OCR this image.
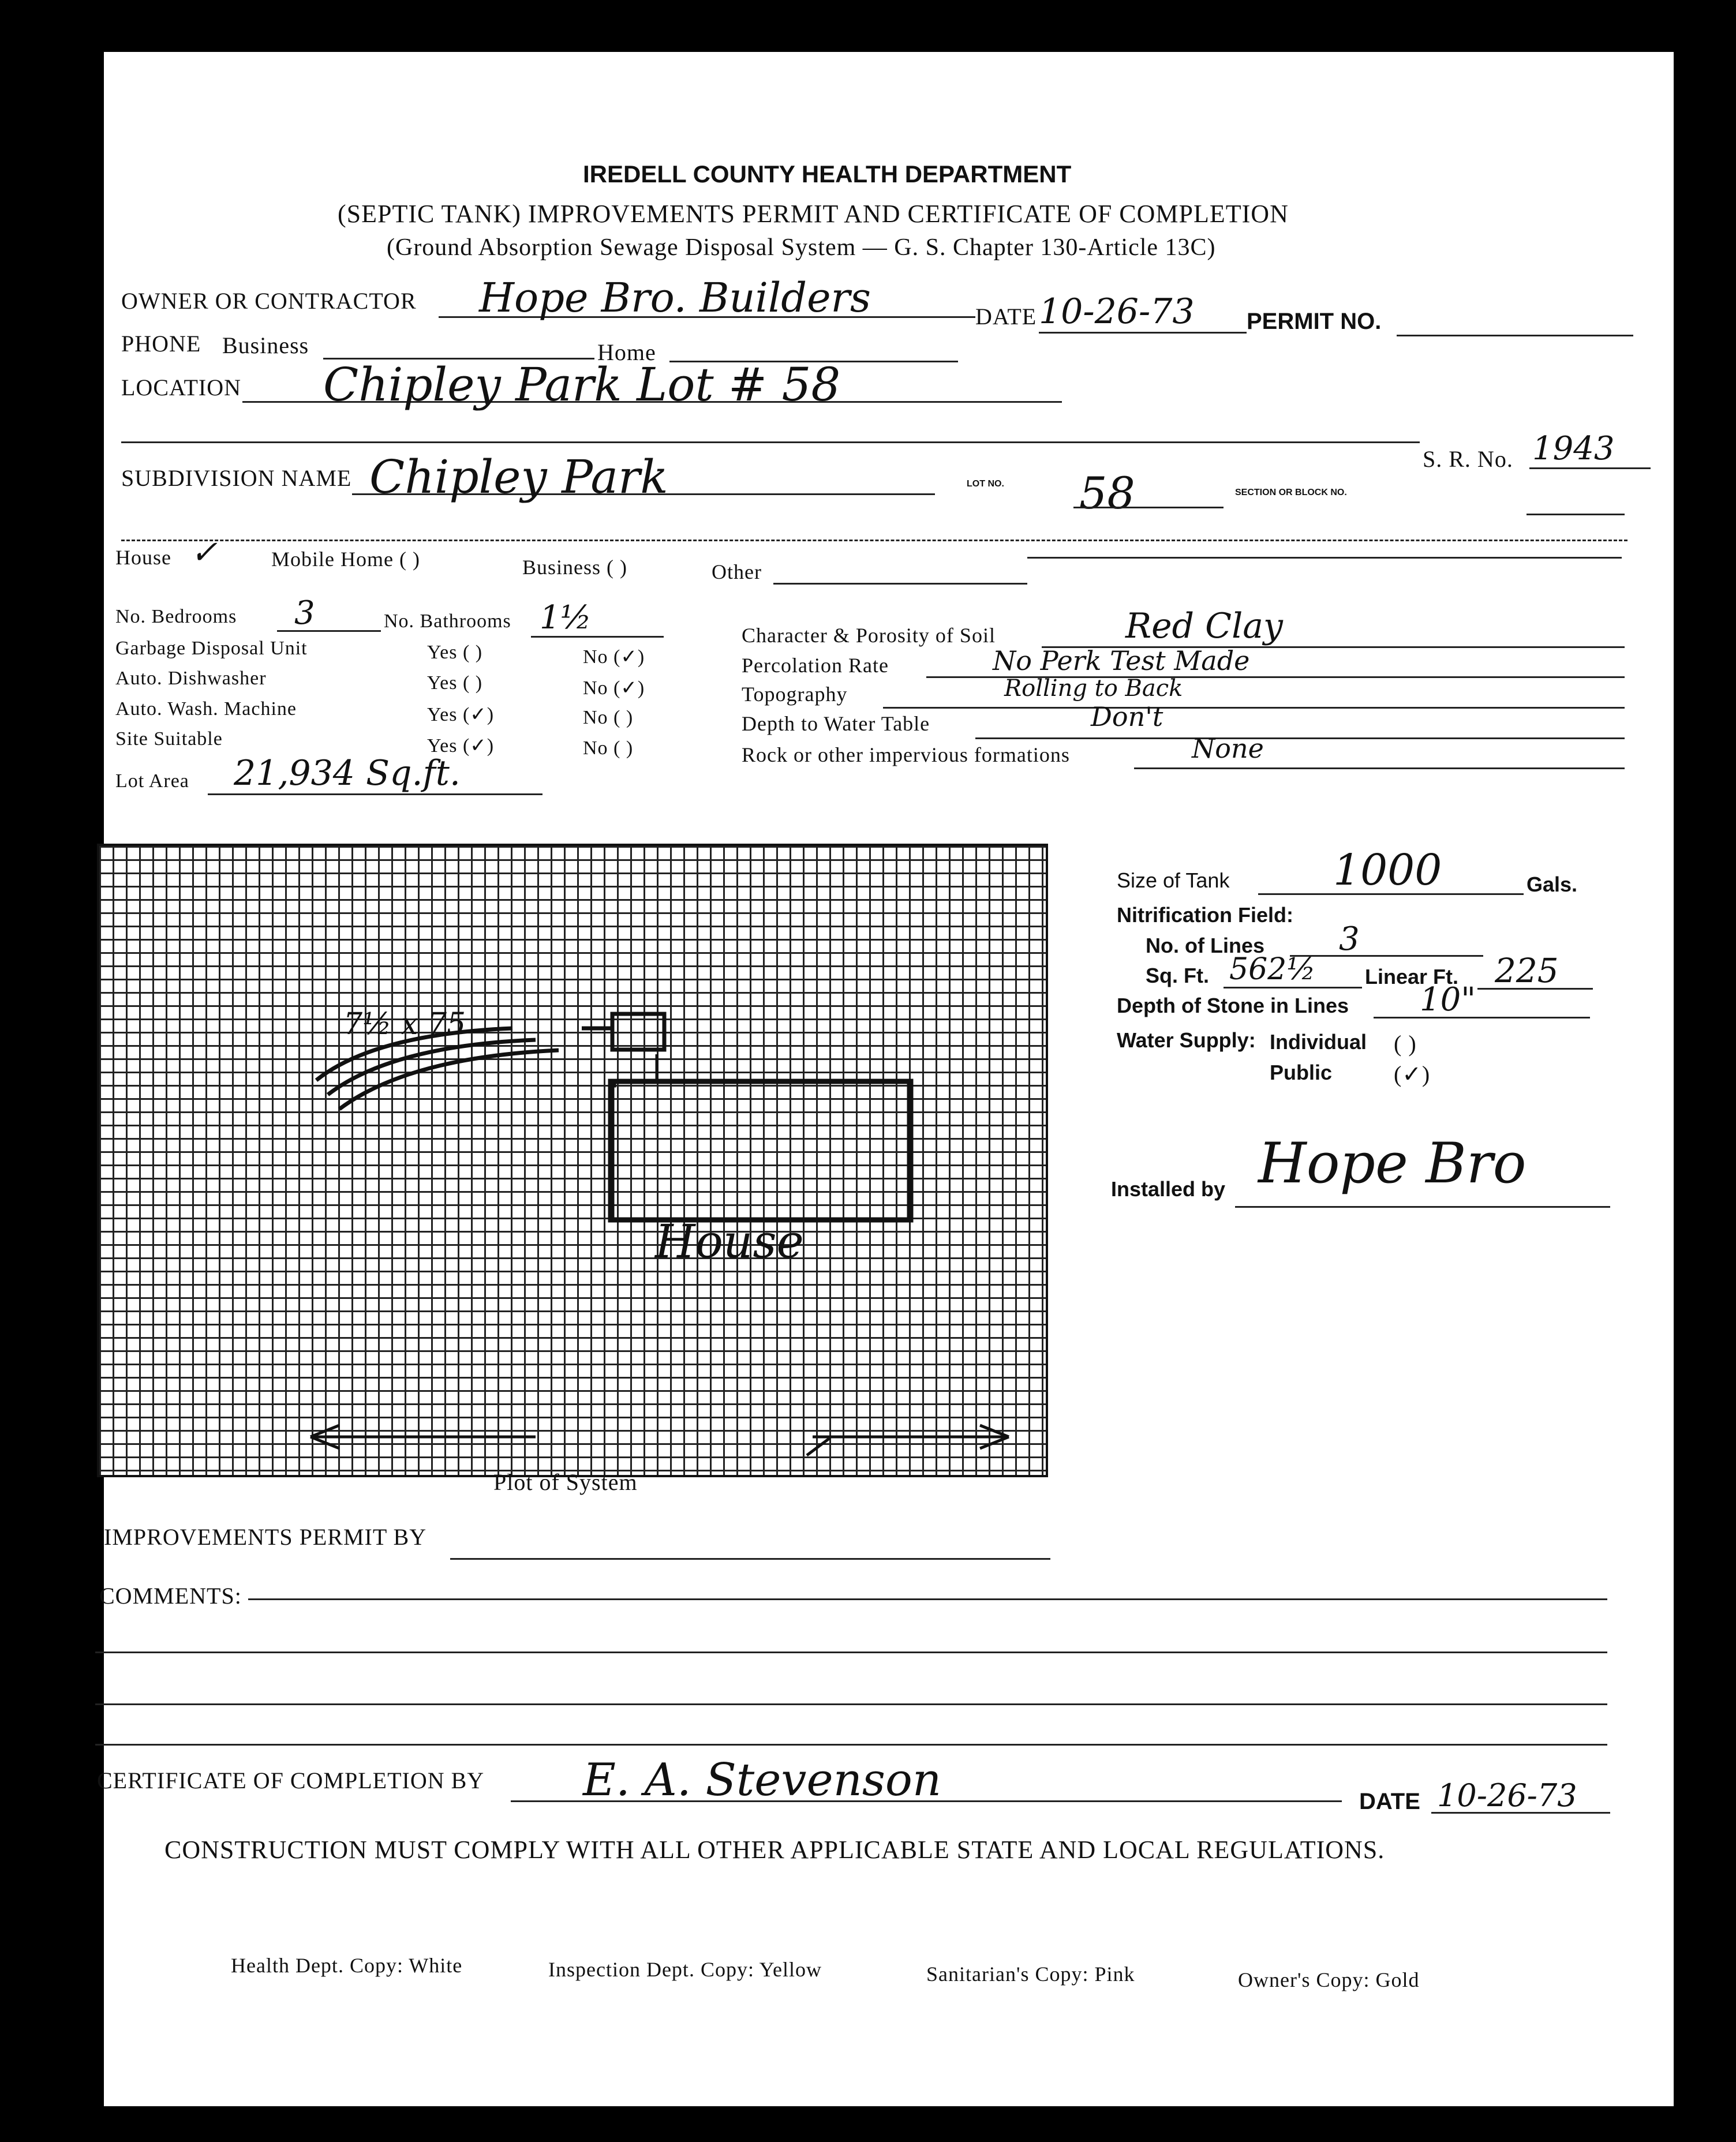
IREDELL COUNTY HEALTH DEPARTMENT
(SEPTIC TANK) IMPROVEMENTS PERMIT AND CERTIFICATE OF COMPLETION
(Ground Absorption Sewage Disposal System — G. S. Chapter 130-Article 13C)
OWNER OR CONTRACTOR Hope Bro. Builders	DATE 10-26-73 PERMIT NO.
PHONE Business	Home
LOCATION Chipley Park Lot # 58
S. R. No. 1943
SUBDIVISION NAME Chipley Park	LOT NO. 58	SECTION OR BLOCK NO.
House ✓	Mobile Home ( )	Business ( )	Other
No. Bedrooms 3	No. Bathrooms 1½
Garbage Disposal Unit	Yes ( )	No (✓)
Auto. Dishwasher	Yes ( )	No (✓)
Auto. Wash. Machine	Yes (✓)	No ( )
Site Suitable	Yes (✓)	No ( )
Lot Area 21,934 Sq.ft.
Character & Porosity of Soil	Red Clay
Percolation Rate	No Perk Test Made
Topography	Rolling to Back
Depth to Water Table	Don't
Rock or other impervious formations	None
7½ x 75
House
Plot of System
Size of Tank 1000	Gals.
Nitrification Field:
No. of Lines 3
Sq. Ft. 562½ Linear Ft. 225
Depth of Stone in Lines 10"
Water Supply: Individual ( )
Public	(✓)
Installed by Hope Bro
IMPROVEMENTS PERMIT BY
COMMENTS:
CERTIFICATE OF COMPLETION BY E. A. Stevenson	DATE 10-26-73
CONSTRUCTION MUST COMPLY WITH ALL OTHER APPLICABLE STATE AND LOCAL REGULATIONS.
Health Dept. Copy: White	Inspection Dept. Copy: Yellow	Sanitarian's Copy: Pink	Owner's Copy: Gold
